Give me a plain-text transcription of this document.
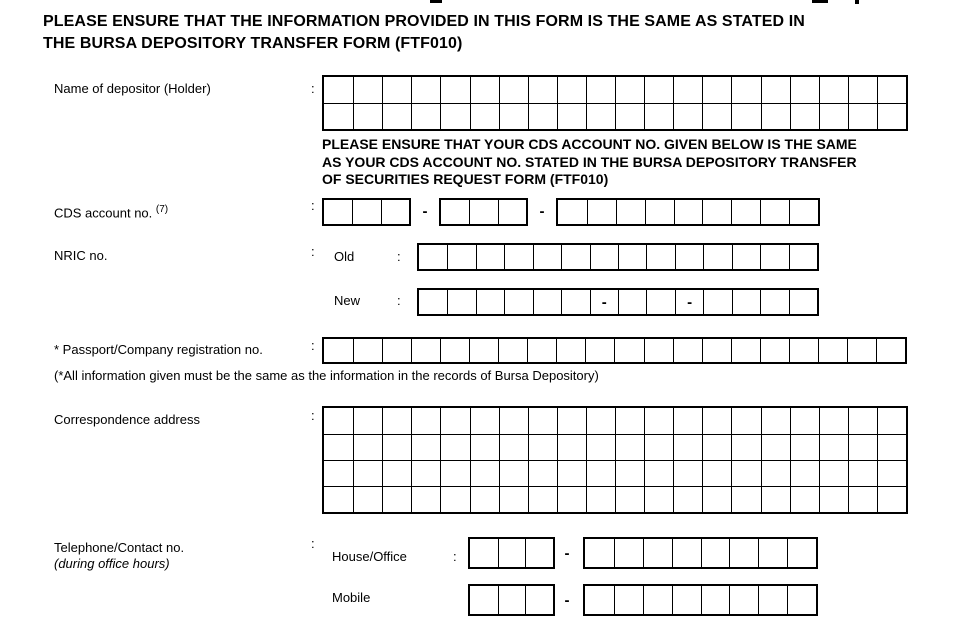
PLEASE ENSURE THAT THE INFORMATION PROVIDED IN THIS FORM IS THE SAME AS STATED IN
THE BURSA DEPOSITORY TRANSFER FORM (FTF010)
Name of depositor (Holder)	:
PLEASE ENSURE THAT YOUR CDS ACCOUNT NO. GIVEN BELOW IS THE SAME
AS YOUR CDS ACCOUNT NO. STATED IN THE BURSA DEPOSITORY TRANSFER
OF SECURITIES REQUEST FORM (FTF010)
CDS account no. $^{(7)}$	:	-	-
NRIC no.	: Old	:
New	:	-	-
* Passport/Company registration no.	:
(*All information given must be the same as the information in the records of Bursa Depository)
Correspondence address	:
Telephone/Contact no.
(during office hours)
:
House/Office	:	-
Mobile	-
